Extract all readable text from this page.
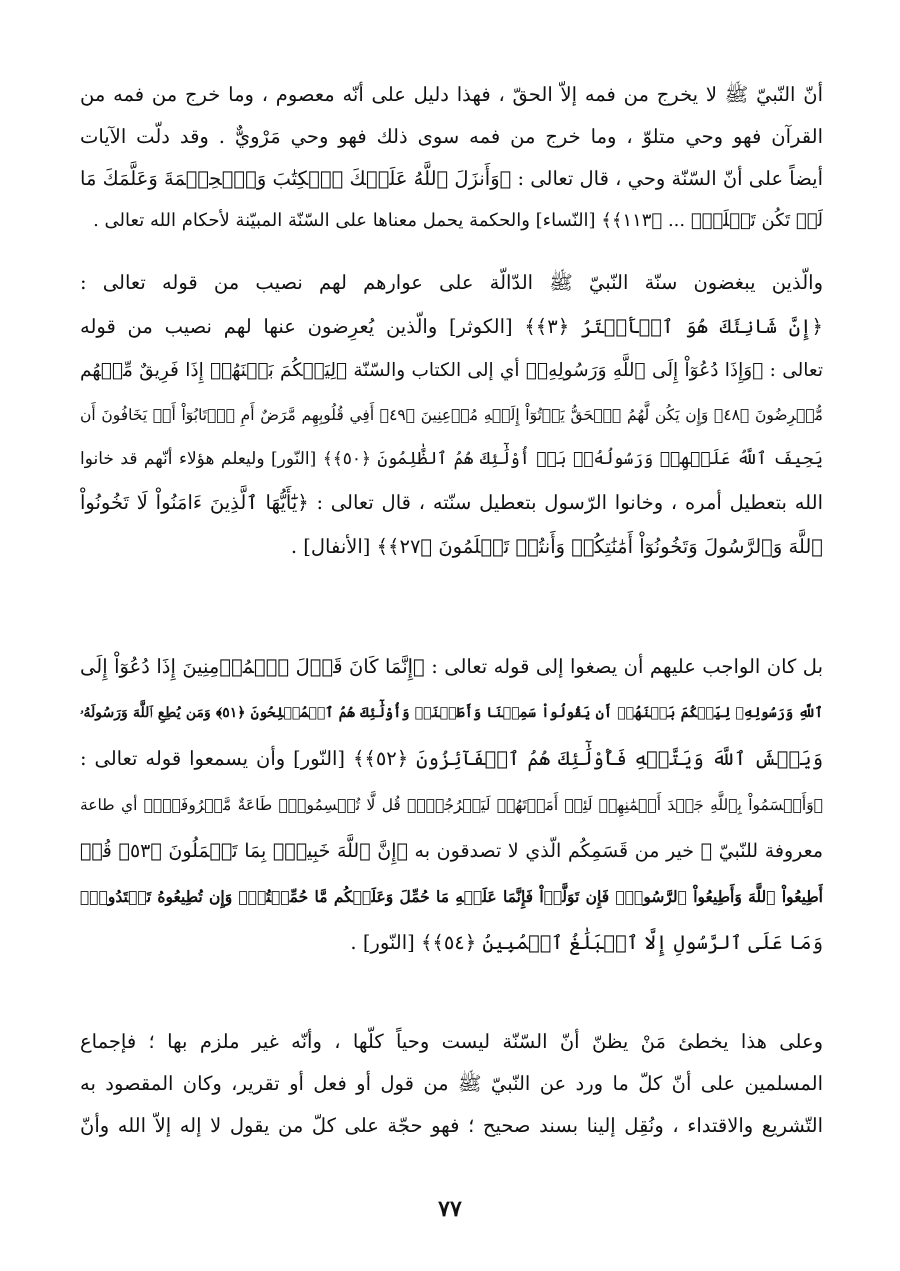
أنّ النّبيّ ﷺ لا يخرج من فمه إلاّ الحقّ ، فهذا دليل على أنّه معصوم ، وما خرج من فمه من
القرآن فهو وحي متلوّ ، وما خرج من فمه سوى ذلك فهو وحي مَرْويٌّ . وقد دلّت الآيات
أيضاً على أنّ السّنّة وحي ، قال تعالى : ﴿وَأَنزَلَ ٱللَّهُ عَلَيۡكَ ٱلۡكِتَٰبَ وَٱلۡحِكۡمَةَ وَعَلَّمَكَ مَا
لَمۡ تَكُن تَعۡلَمُۚ ... ﴿١١٣﴾﴾ [النّساء] والحكمة يحمل معناها على السّنّة المبيّنة لأحكام الله تعالى .
والّذين يبغضون سنّة النّبيّ ﷺ الدّالّة على عوارهم لهم نصيب من قوله تعالى :
﴿إِنَّ شَانِئَكَ هُوَ ٱلۡأَبۡتَرُ ﴿٣﴾﴾ [الكوثر] والّذين يُعرِضون عنها لهم نصيب من قوله
تعالى : ﴿وَإِذَا دُعُوٓاْ إِلَى ٱللَّهِ وَرَسُولِهِۦ﴾ أي إلى الكتاب والسّنّة ﴿لِيَحۡكُمَ بَيۡنَهُمۡ إِذَا فَرِيقٌ مِّنۡهُم
مُّعۡرِضُونَ ﴿٤٨﴾ وَإِن يَكُن لَّهُمُ ٱلۡحَقُّ يَأۡتُوٓاْ إِلَيۡهِ مُذۡعِنِينَ ﴿٤٩﴾ أَفِي قُلُوبِهِم مَّرَضٌ أَمِ ٱرۡتَابُوٓاْ أَمۡ يَخَافُونَ أَن
يَحِيفَ ٱللَّهُ عَلَيۡهِمۡ وَرَسُولُهُۥۚ بَلۡ أُوْلَٰٓئِكَ هُمُ ٱلظَّٰلِمُونَ ﴿٥٠﴾﴾ [النّور] وليعلم هؤلاء أنّهم قد خانوا
الله بتعطيل أمره ، وخانوا الرّسول بتعطيل سنّته ، قال تعالى : ﴿يَٰٓأَيُّهَا ٱلَّذِينَ ءَامَنُواْ لَا تَخُونُواْ
ٱللَّهَ وَٱلرَّسُولَ وَتَخُونُوٓاْ أَمَٰنَٰتِكُمۡ وَأَنتُمۡ تَعۡلَمُونَ ﴿٢٧﴾﴾ [الأنفال] .
بل كان الواجب عليهم أن يصغوا إلى قوله تعالى : ﴿إِنَّمَا كَانَ قَوۡلَ ٱلۡمُؤۡمِنِينَ إِذَا دُعُوٓاْ إِلَى
ٱللَّهِ وَرَسُولِهِۦ لِيَحۡكُمَ بَيۡنَهُمۡ أَن يَقُولُواْ سَمِعۡنَا وَأَطَعۡنَاۚ وَأُوْلَٰٓئِكَ هُمُ ٱلۡمُفۡلِحُونَ ﴿٥١﴾ وَمَن يُطِعِ ٱللَّهَ وَرَسُولَهُۥ
وَيَخۡشَ ٱللَّهَ وَيَتَّقۡهِ فَأُوْلَٰٓئِكَ هُمُ ٱلۡفَآئِزُونَ ﴿٥٢﴾﴾ [النّور] وأن يسمعوا قوله تعالى :
﴿وَأَقۡسَمُواْ بِٱللَّهِ جَهۡدَ أَيۡمَٰنِهِمۡ لَئِنۡ أَمَرۡتَهُمۡ لَيَخۡرُجُنَّۖ قُل لَّا تُقۡسِمُواْۖ طَاعَةٌ مَّعۡرُوفَةٌۚ﴾ أي طاعة
معروفة للنّبيّ ﷺ خير من قَسَمِكُم الّذي لا تصدقون به ﴿إِنَّ ٱللَّهَ خَبِيرُۢ بِمَا تَعۡمَلُونَ ﴿٥٣﴾ قُلۡ
أَطِيعُواْ ٱللَّهَ وَأَطِيعُواْ ٱلرَّسُولَۖ فَإِن تَوَلَّوۡاْ فَإِنَّمَا عَلَيۡهِ مَا حُمِّلَ وَعَلَيۡكُم مَّا حُمِّلۡتُمۡۖ وَإِن تُطِيعُوهُ تَهۡتَدُواْۚ
وَمَا عَلَى ٱلرَّسُولِ إِلَّا ٱلۡبَلَٰغُ ٱلۡمُبِينُ ﴿٥٤﴾﴾ [النّور] .
وعلى هذا يخطئ مَنْ يظنّ أنّ السّنّة ليست وحياً كلّها ، وأنّه غير ملزم بها ؛ فإجماع
المسلمين على أنّ كلّ ما ورد عن النّبيّ ﷺ من قول أو فعل أو تقرير، وكان المقصود به
التّشريع والاقتداء ، ونُقِل إلينا بسند صحيح ؛ فهو حجّة على كلّ من يقول لا إله إلاّ الله وأنّ
٧٧
